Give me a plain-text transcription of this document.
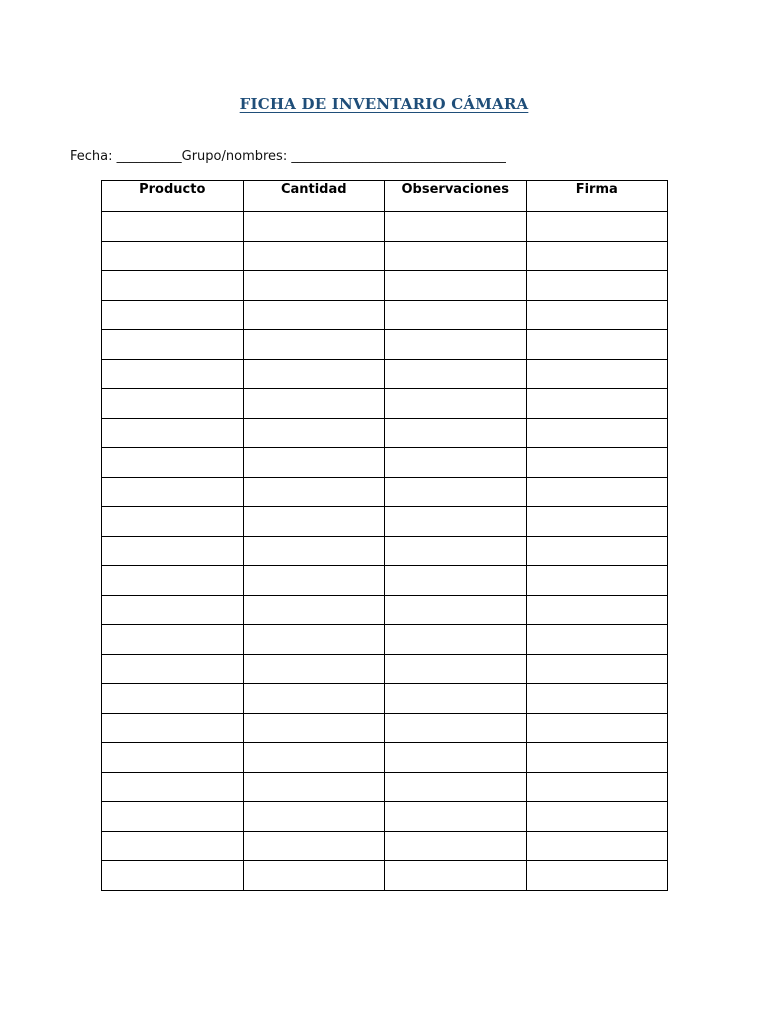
FICHA DE INVENTARIO CÁMARA
Fecha: __________Grupo/nombres: _________________________________
Producto	Cantidad	Observaciones	Firma
